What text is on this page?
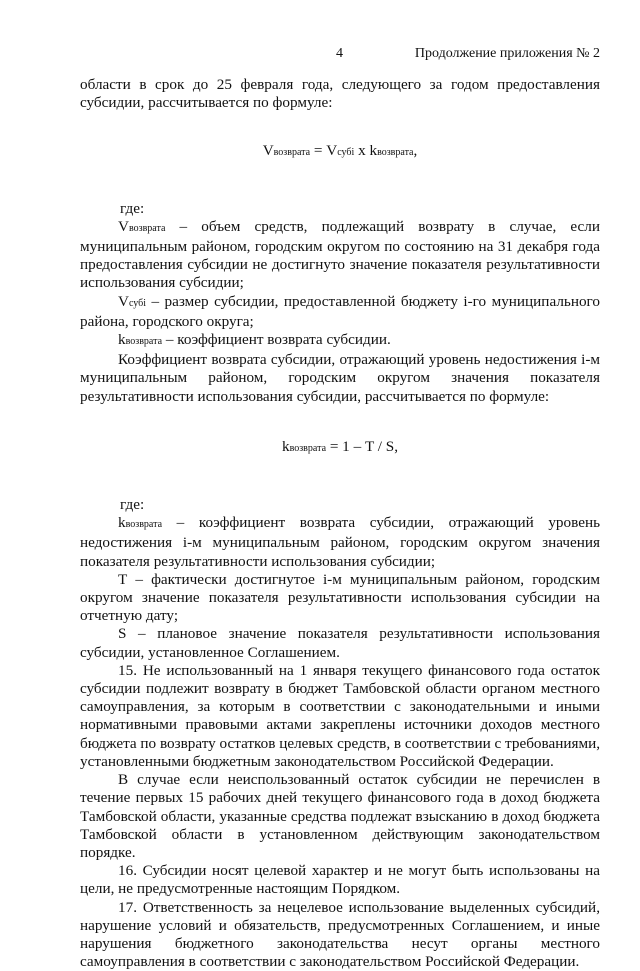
4	Продолжение приложения № 2

области в срок до 25 февраля года, следующего за годом предоставления субсидии, рассчитывается по формуле:

Vвозврата = Vсубi x kвозврата,

где:

Vвозврата – объем средств, подлежащий возврату в случае, если муниципальным районом, городским округом по состоянию на 31 декабря года предоставления субсидии не достигнуто значение показателя результативности использования субсидии;

Vсубi – размер субсидии, предоставленной бюджету i-го муниципального района, городского округа;

kвозврата – коэффициент возврата субсидии.

Коэффициент возврата субсидии, отражающий уровень недостижения i-м муниципальным районом, городским округом значения показателя результативности использования субсидии, рассчитывается по формуле:

kвозврата = 1 – T / S,

где:

kвозврата – коэффициент возврата субсидии, отражающий уровень недостижения i-м муниципальным районом, городским округом значения показателя результативности использования субсидии;

Т – фактически достигнутое i-м муниципальным районом, городским округом значение показателя результативности использования субсидии на отчетную дату;

S – плановое значение показателя результативности использования субсидии, установленное Соглашением.

15. Не использованный на 1 января текущего финансового года остаток субсидии подлежит возврату в бюджет Тамбовской области органом местного самоуправления, за которым в соответствии с законодательными и иными нормативными правовыми актами закреплены источники доходов местного бюджета по возврату остатков целевых средств, в соответствии с требованиями, установленными бюджетным законодательством Российской Федерации.

В случае если неиспользованный остаток субсидии не перечислен в течение первых 15 рабочих дней текущего финансового года в доход бюджета Тамбовской области, указанные средства подлежат взысканию в доход бюджета Тамбовской области в установленном действующим законодательством порядке.

16. Субсидии носят целевой характер и не могут быть использованы на цели, не предусмотренные настоящим Порядком.

17. Ответственность за нецелевое использование выделенных субсидий, нарушение условий и обязательств, предусмотренных Соглашением, и иные нарушения бюджетного законодательства несут органы местного самоуправления в соответствии с законодательством Российской Федерации.
